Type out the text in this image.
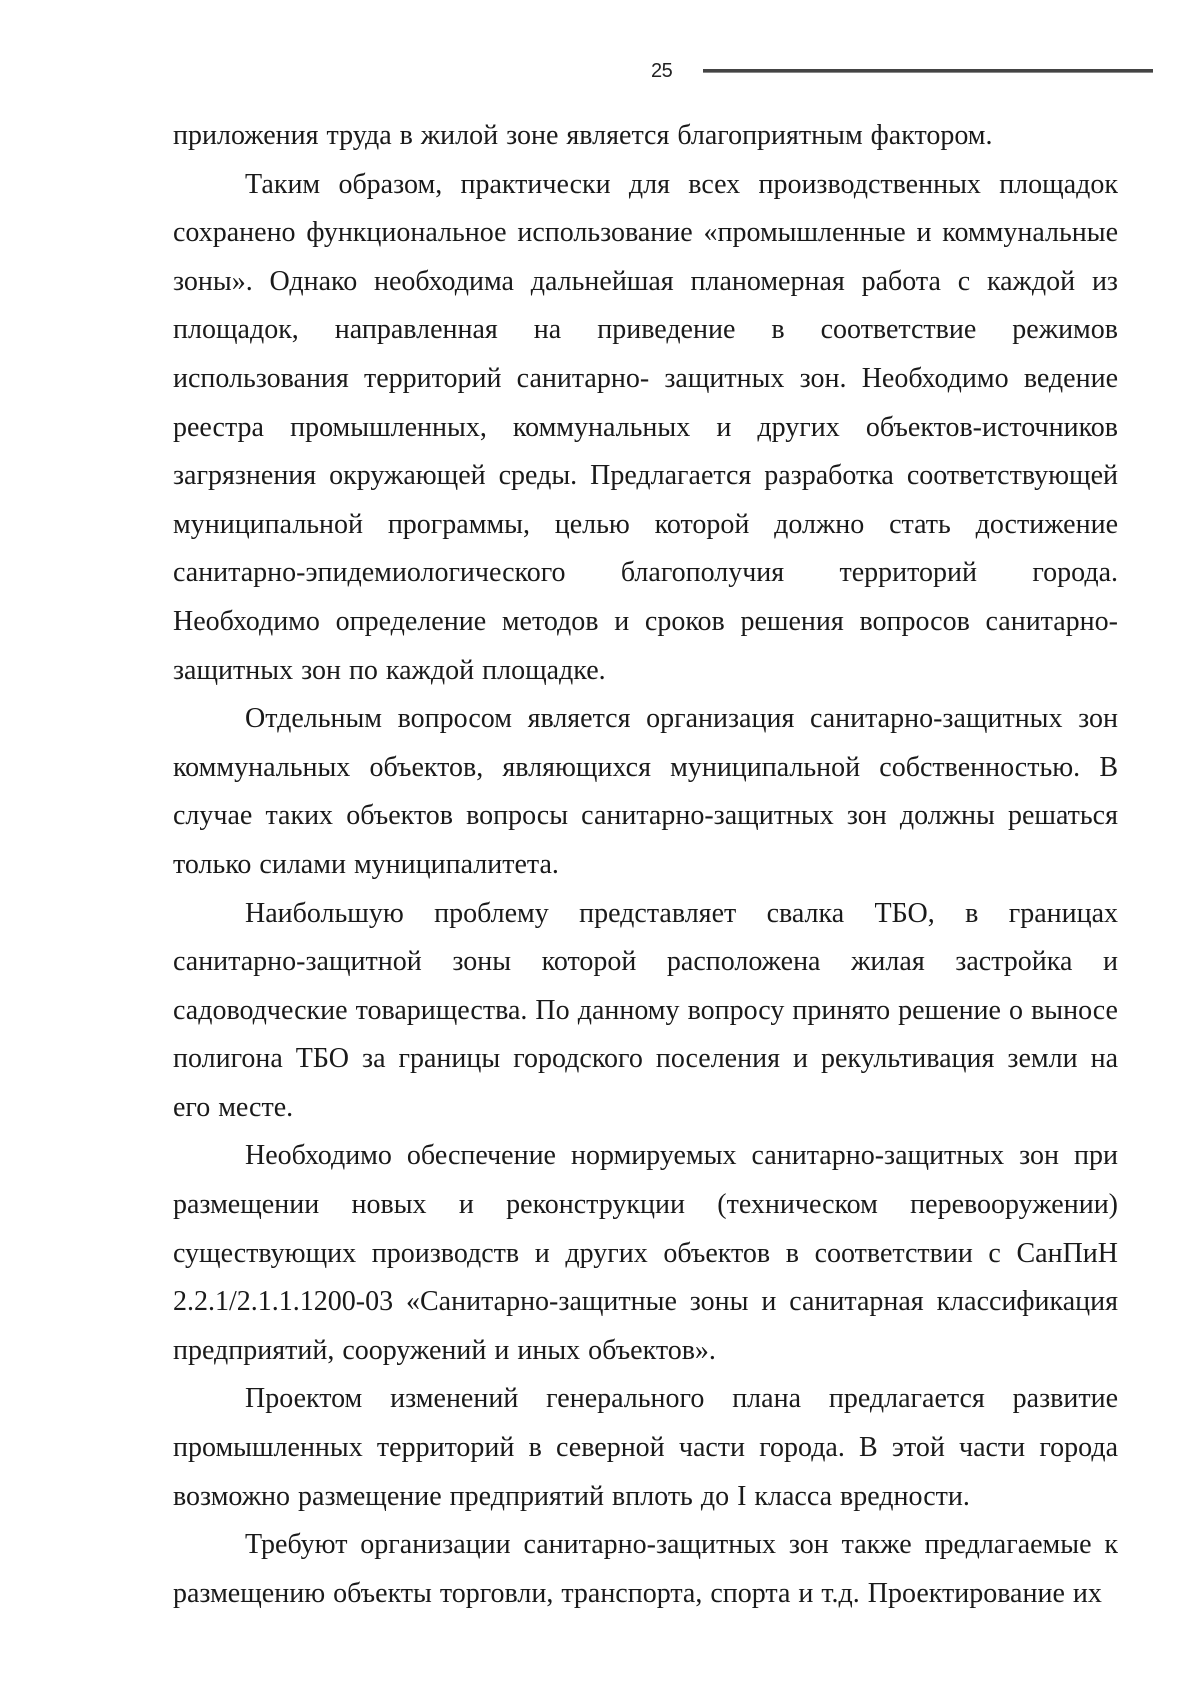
25

приложения труда в жилой зоне является благоприятным фактором.

Таким образом, практически для всех производственных площадок сохранено функциональное использование «промышленные и коммунальные зоны». Однако необходима дальнейшая планомерная работа с каждой из площадок, направленная на приведение в соответствие режимов использования территорий санитарно- защитных зон. Необходимо ведение реестра промышленных, коммунальных и других объектов-источников загрязнения окружающей среды. Предлагается разработка соответствующей муниципальной программы, целью которой должно стать достижение санитарно-эпидемиологического благополучия территорий города. Необходимо определение методов и сроков решения вопросов санитарно-защитных зон по каждой площадке.

Отдельным вопросом является организация санитарно-защитных зон коммунальных объектов, являющихся муниципальной собственностью. В случае таких объектов вопросы санитарно-защитных зон должны решаться только силами муниципалитета.

Наибольшую проблему представляет свалка ТБО, в границах санитарно-защитной зоны которой расположена жилая застройка и садоводческие товарищества. По данному вопросу принято решение о выносе полигона ТБО за границы городского поселения и рекультивация земли на его месте.

Необходимо обеспечение нормируемых санитарно-защитных зон при размещении новых и реконструкции (техническом перевооружении) существующих производств и других объектов в соответствии с СанПиН 2.2.1/2.1.1.1200-03 «Санитарно-защитные зоны и санитарная классификация предприятий, сооружений и иных объектов».

Проектом изменений генерального плана предлагается развитие промышленных территорий в северной части города. В этой части города возможно размещение предприятий вплоть до I класса вредности.

Требуют организации санитарно-защитных зон также предлагаемые к размещению объекты торговли, транспорта, спорта и т.д. Проектирование их
